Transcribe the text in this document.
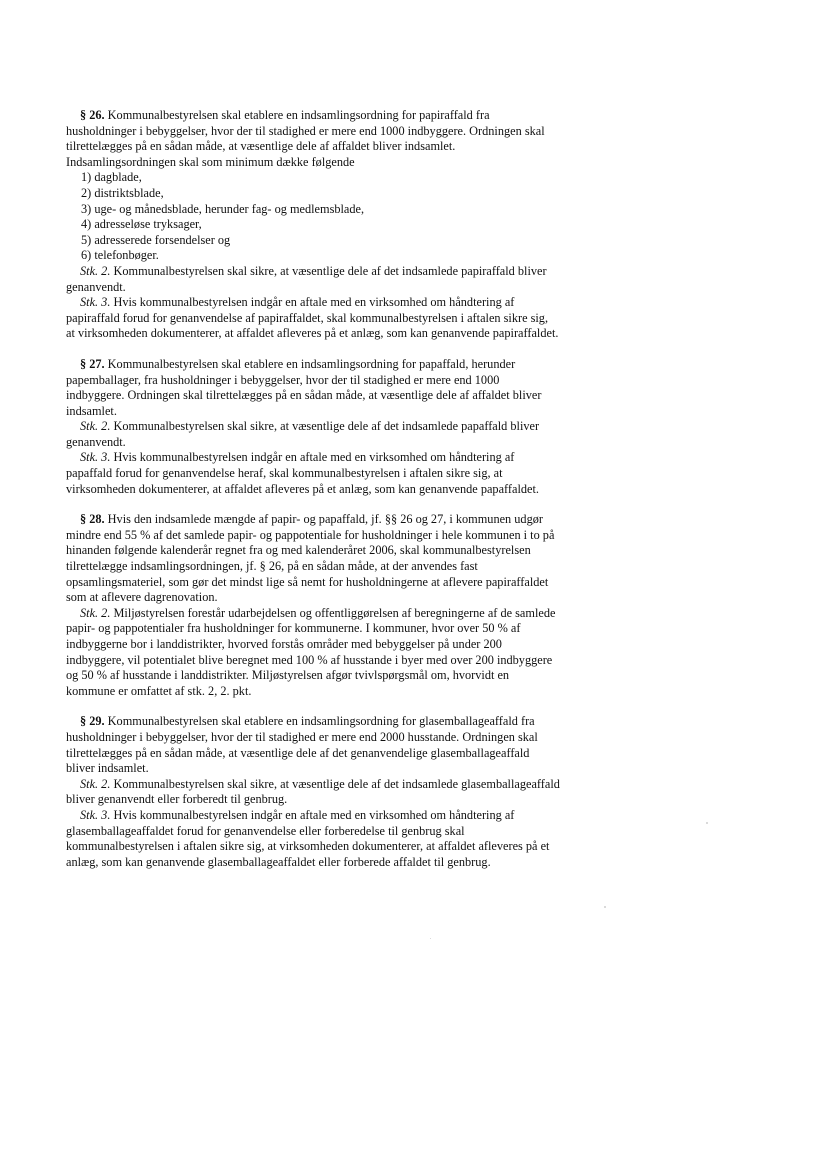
§ 26. Kommunalbestyrelsen skal etablere en indsamlingsordning for papiraffald fra
husholdninger i bebyggelser, hvor der til stadighed er mere end 1000 indbyggere. Ordningen skal
tilrettelægges på en sådan måde, at væsentlige dele af affaldet bliver indsamlet.
Indsamlingsordningen skal som minimum dække følgende
1) dagblade,
2) distriktsblade,
3) uge- og månedsblade, herunder fag- og medlemsblade,
4) adresseløse tryksager,
5) adresserede forsendelser og
6) telefonbøger.
Stk. 2. Kommunalbestyrelsen skal sikre, at væsentlige dele af det indsamlede papiraffald bliver
genanvendt.
Stk. 3. Hvis kommunalbestyrelsen indgår en aftale med en virksomhed om håndtering af
papiraffald forud for genanvendelse af papiraffaldet, skal kommunalbestyrelsen i aftalen sikre sig,
at virksomheden dokumenterer, at affaldet afleveres på et anlæg, som kan genanvende papiraffaldet.
§ 27. Kommunalbestyrelsen skal etablere en indsamlingsordning for papaffald, herunder
papemballager, fra husholdninger i bebyggelser, hvor der til stadighed er mere end 1000
indbyggere. Ordningen skal tilrettelægges på en sådan måde, at væsentlige dele af affaldet bliver
indsamlet.
Stk. 2. Kommunalbestyrelsen skal sikre, at væsentlige dele af det indsamlede papaffald bliver
genanvendt.
Stk. 3. Hvis kommunalbestyrelsen indgår en aftale med en virksomhed om håndtering af
papaffald forud for genanvendelse heraf, skal kommunalbestyrelsen i aftalen sikre sig, at
virksomheden dokumenterer, at affaldet afleveres på et anlæg, som kan genanvende papaffaldet.
§ 28. Hvis den indsamlede mængde af papir- og papaffald, jf. §§ 26 og 27, i kommunen udgør
mindre end 55 % af det samlede papir- og pappotentiale for husholdninger i hele kommunen i to på
hinanden følgende kalenderår regnet fra og med kalenderåret 2006, skal kommunalbestyrelsen
tilrettelægge indsamlingsordningen, jf. § 26, på en sådan måde, at der anvendes fast
opsamlingsmateriel, som gør det mindst lige så nemt for husholdningerne at aflevere papiraffaldet
som at aflevere dagrenovation.
Stk. 2. Miljøstyrelsen forestår udarbejdelsen og offentliggørelsen af beregningerne af de samlede
papir- og pappotentialer fra husholdninger for kommunerne. I kommuner, hvor over 50 % af
indbyggerne bor i landdistrikter, hvorved forstås områder med bebyggelser på under 200
indbyggere, vil potentialet blive beregnet med 100 % af husstande i byer med over 200 indbyggere
og 50 % af husstande i landdistrikter. Miljøstyrelsen afgør tvivlspørgsmål om, hvorvidt en
kommune er omfattet af stk. 2, 2. pkt.
§ 29. Kommunalbestyrelsen skal etablere en indsamlingsordning for glasemballageaffald fra
husholdninger i bebyggelser, hvor der til stadighed er mere end 2000 husstande. Ordningen skal
tilrettelægges på en sådan måde, at væsentlige dele af det genanvendelige glasemballageaffald
bliver indsamlet.
Stk. 2. Kommunalbestyrelsen skal sikre, at væsentlige dele af det indsamlede glasemballageaffald
bliver genanvendt eller forberedt til genbrug.
Stk. 3. Hvis kommunalbestyrelsen indgår en aftale med en virksomhed om håndtering af
glasemballageaffaldet forud for genanvendelse eller forberedelse til genbrug skal
kommunalbestyrelsen i aftalen sikre sig, at virksomheden dokumenterer, at affaldet afleveres på et
anlæg, som kan genanvende glasemballageaffaldet eller forberede affaldet til genbrug.
